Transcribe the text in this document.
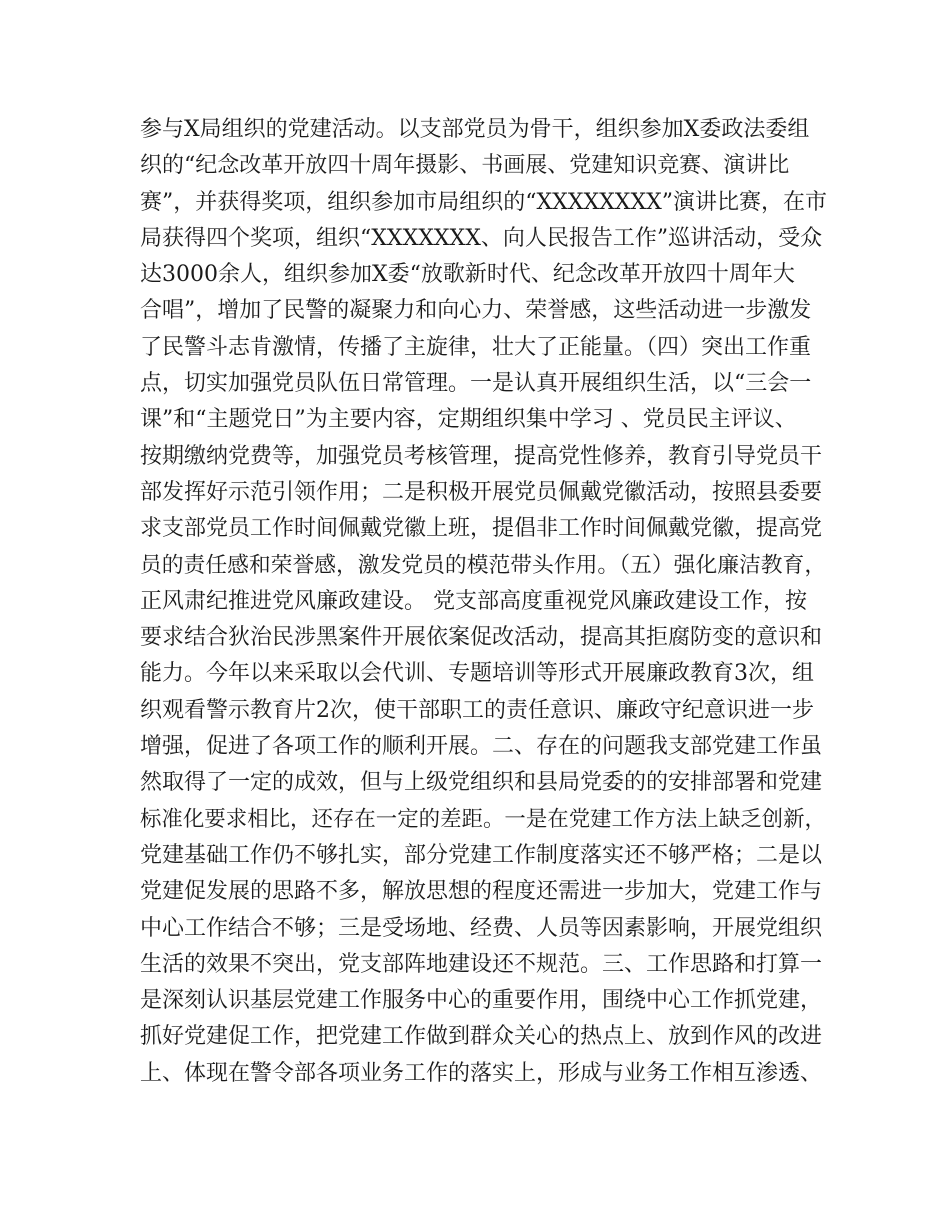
参与X局组织的党建活动。以支部党员为骨干，组织参加X委政法委组
织的“纪念改革开放四十周年摄影、书画展、党建知识竞赛、演讲比
赛”，并获得奖项，组织参加市局组织的“XXXXXXXX”演讲比赛，在市
局获得四个奖项，组织“XXXXXXX、向人民报告工作”巡讲活动，受众
达3000余人，组织参加X委“放歌新时代、纪念改革开放四十周年大
合唱”，增加了民警的凝聚力和向心力、荣誉感，这些活动进一步激发
了民警斗志肯激情，传播了主旋律，壮大了正能量。（四）突出工作重
点，切实加强党员队伍日常管理。一是认真开展组织生活，以“三会一
课”和“主题党日”为主要内容，定期组织集中学习 、党员民主评议、
按期缴纳党费等，加强党员考核管理，提高党性修养，教育引导党员干
部发挥好示范引领作用；二是积极开展党员佩戴党徽活动，按照县委要
求支部党员工作时间佩戴党徽上班，提倡非工作时间佩戴党徽，提高党
员的责任感和荣誉感，激发党员的模范带头作用。（五）强化廉洁教育，
正风肃纪推进党风廉政建设。 党支部高度重视党风廉政建设工作，按
要求结合狄治民涉黑案件开展依案促改活动，提高其拒腐防变的意识和
能力。今年以来采取以会代训、专题培训等形式开展廉政教育3次，组
织观看警示教育片2次，使干部职工的责任意识、廉政守纪意识进一步
增强，促进了各项工作的顺利开展。二、存在的问题我支部党建工作虽
然取得了一定的成效，但与上级党组织和县局党委的的安排部署和党建
标准化要求相比，还存在一定的差距。一是在党建工作方法上缺乏创新，
党建基础工作仍不够扎实，部分党建工作制度落实还不够严格；二是以
党建促发展的思路不多，解放思想的程度还需进一步加大，党建工作与
中心工作结合不够；三是受场地、经费、人员等因素影响，开展党组织
生活的效果不突出，党支部阵地建设还不规范。三、工作思路和打算一
是深刻认识基层党建工作服务中心的重要作用，围绕中心工作抓党建，
抓好党建促工作，把党建工作做到群众关心的热点上、放到作风的改进
上、体现在警令部各项业务工作的落实上，形成与业务工作相互渗透、
